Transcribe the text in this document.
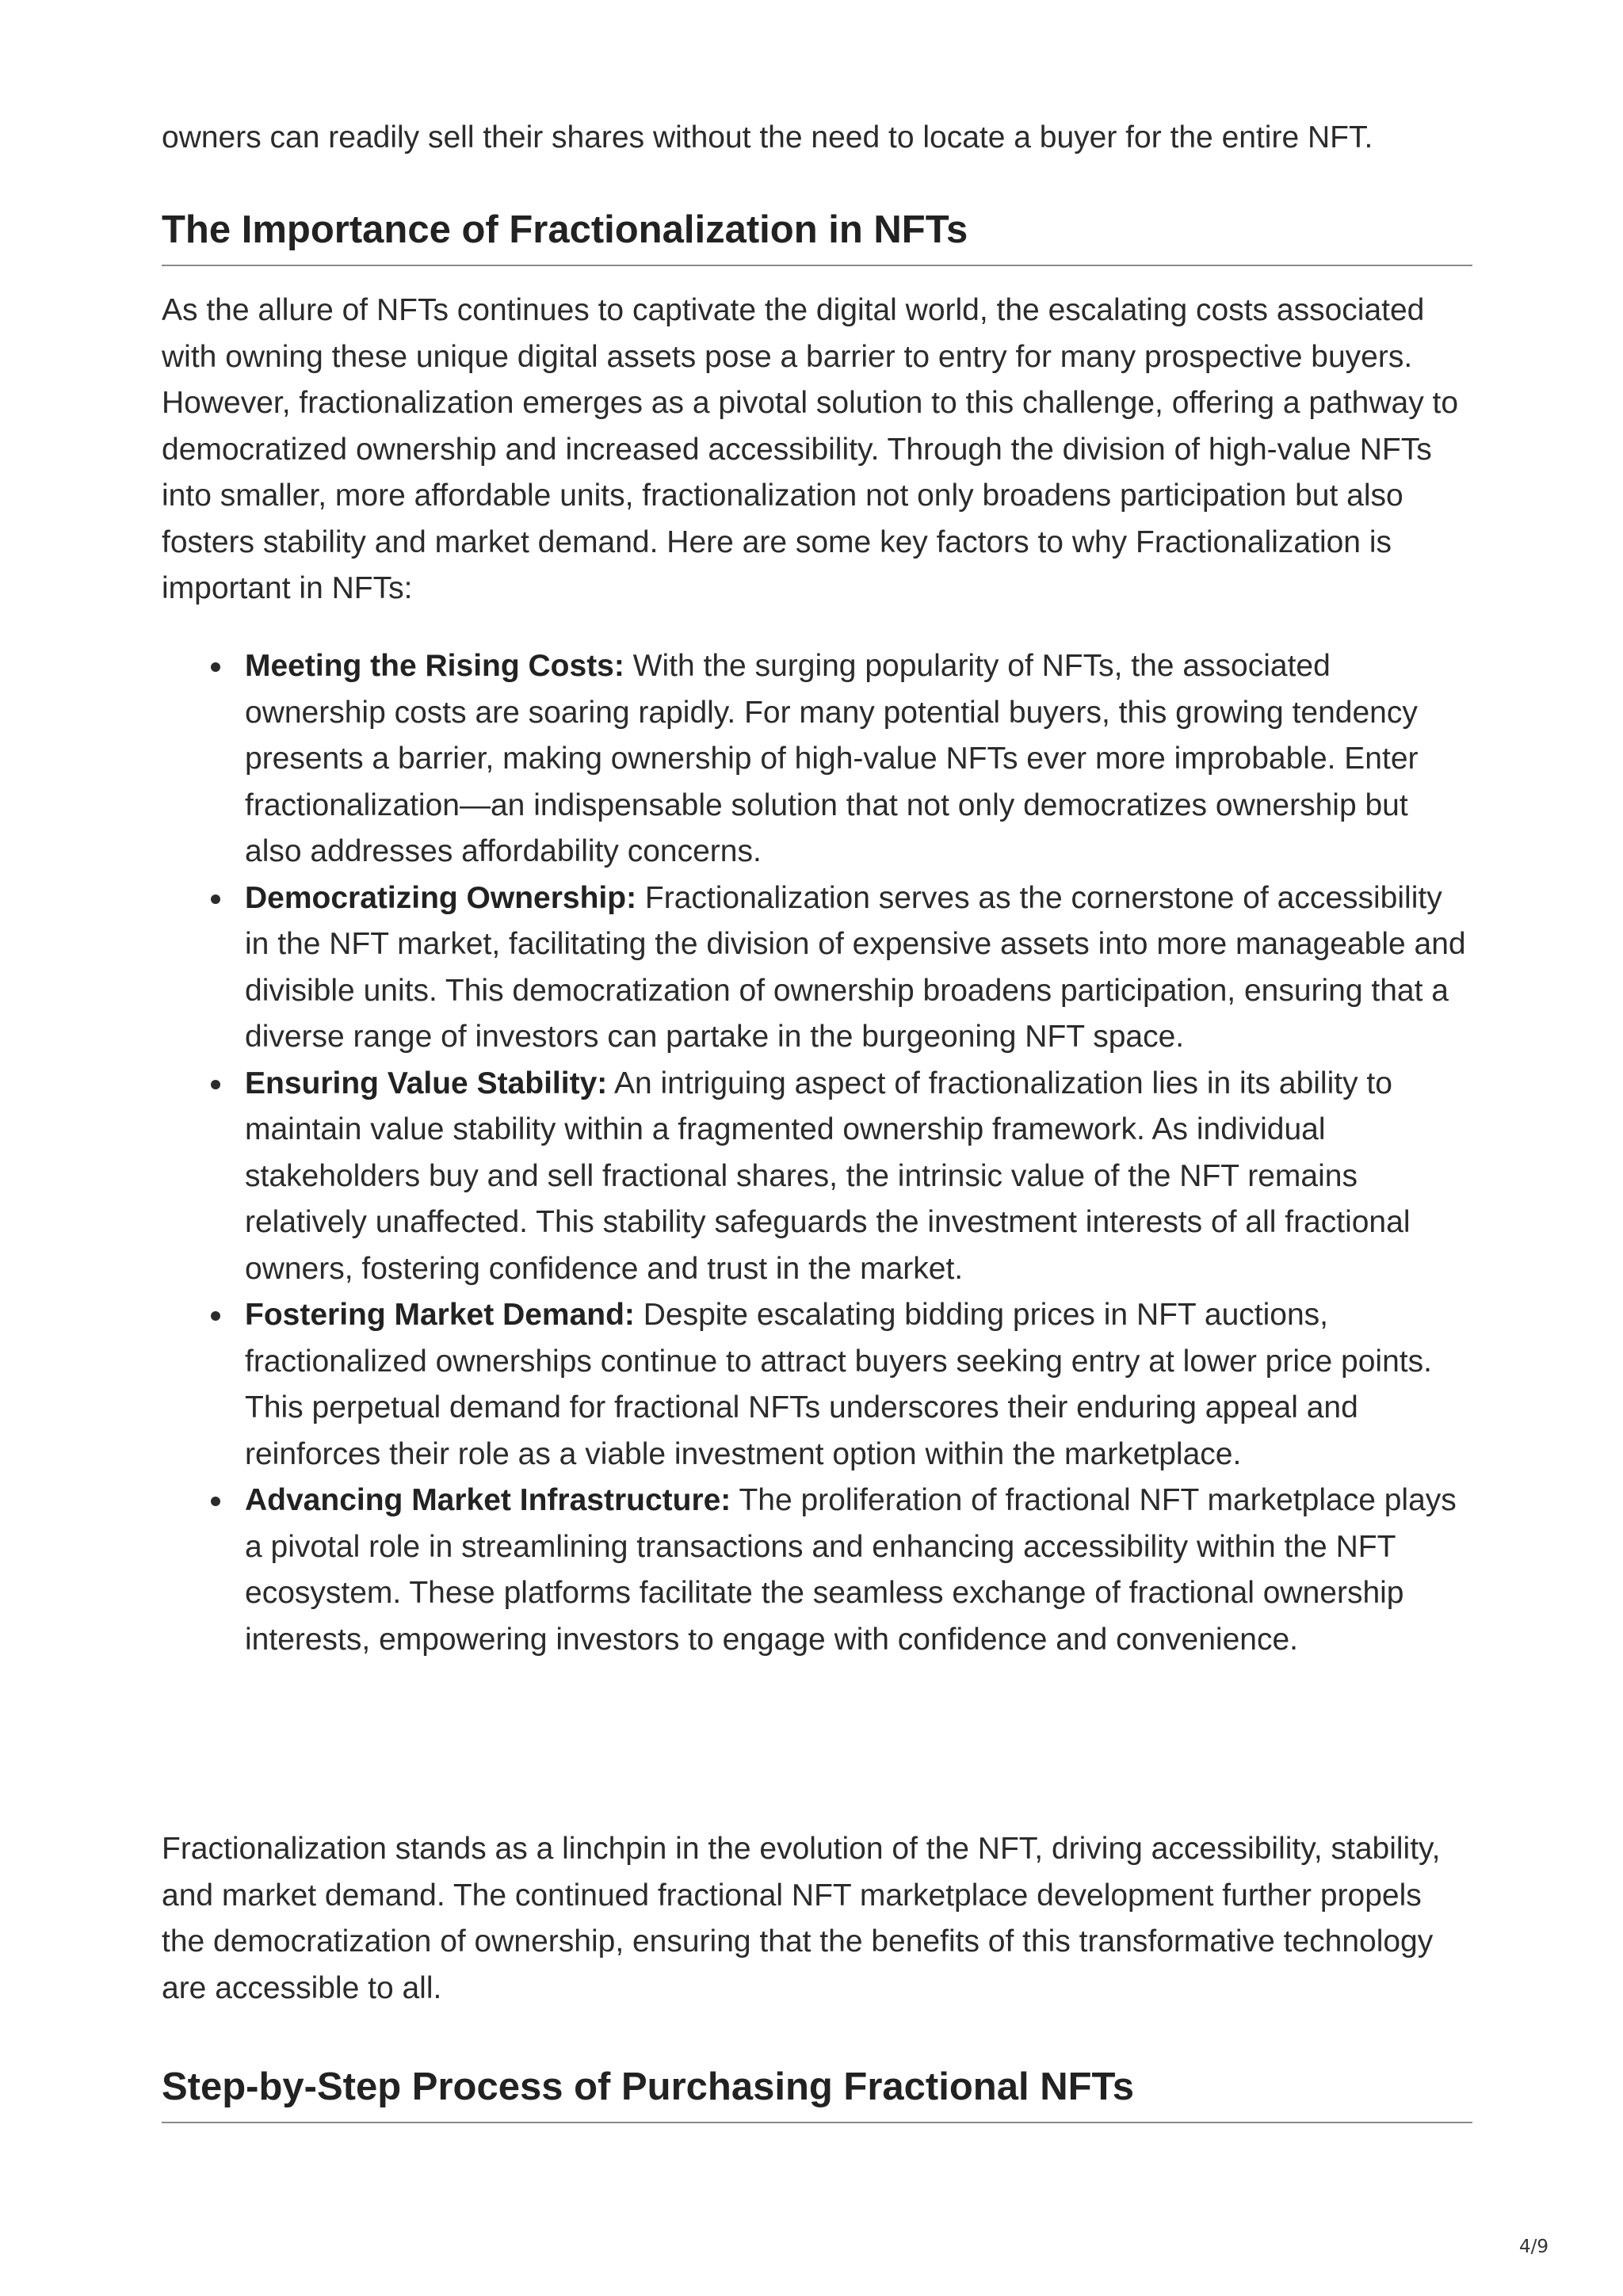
owners can readily sell their shares without the need to locate a buyer for the entire NFT.

The Importance of Fractionalization in NFTs

As the allure of NFTs continues to captivate the digital world, the escalating costs associated with owning these unique digital assets pose a barrier to entry for many prospective buyers. However, fractionalization emerges as a pivotal solution to this challenge, offering a pathway to democratized ownership and increased accessibility. Through the division of high-value NFTs into smaller, more affordable units, fractionalization not only broadens participation but also fosters stability and market demand. Here are some key factors to why Fractionalization is important in NFTs:

Meeting the Rising Costs: With the surging popularity of NFTs, the associated ownership costs are soaring rapidly. For many potential buyers, this growing tendency presents a barrier, making ownership of high-value NFTs ever more improbable. Enter fractionalization—an indispensable solution that not only democratizes ownership but also addresses affordability concerns.
Democratizing Ownership: Fractionalization serves as the cornerstone of accessibility in the NFT market, facilitating the division of expensive assets into more manageable and divisible units. This democratization of ownership broadens participation, ensuring that a diverse range of investors can partake in the burgeoning NFT space.
Ensuring Value Stability: An intriguing aspect of fractionalization lies in its ability to maintain value stability within a fragmented ownership framework. As individual stakeholders buy and sell fractional shares, the intrinsic value of the NFT remains relatively unaffected. This stability safeguards the investment interests of all fractional owners, fostering confidence and trust in the market.
Fostering Market Demand: Despite escalating bidding prices in NFT auctions, fractionalized ownerships continue to attract buyers seeking entry at lower price points. This perpetual demand for fractional NFTs underscores their enduring appeal and reinforces their role as a viable investment option within the marketplace.
Advancing Market Infrastructure: The proliferation of fractional NFT marketplace plays a pivotal role in streamlining transactions and enhancing accessibility within the NFT ecosystem. These platforms facilitate the seamless exchange of fractional ownership interests, empowering investors to engage with confidence and convenience.

Fractionalization stands as a linchpin in the evolution of the NFT, driving accessibility, stability, and market demand. The continued fractional NFT marketplace development further propels the democratization of ownership, ensuring that the benefits of this transformative technology are accessible to all.

Step-by-Step Process of Purchasing Fractional NFTs
4/9
